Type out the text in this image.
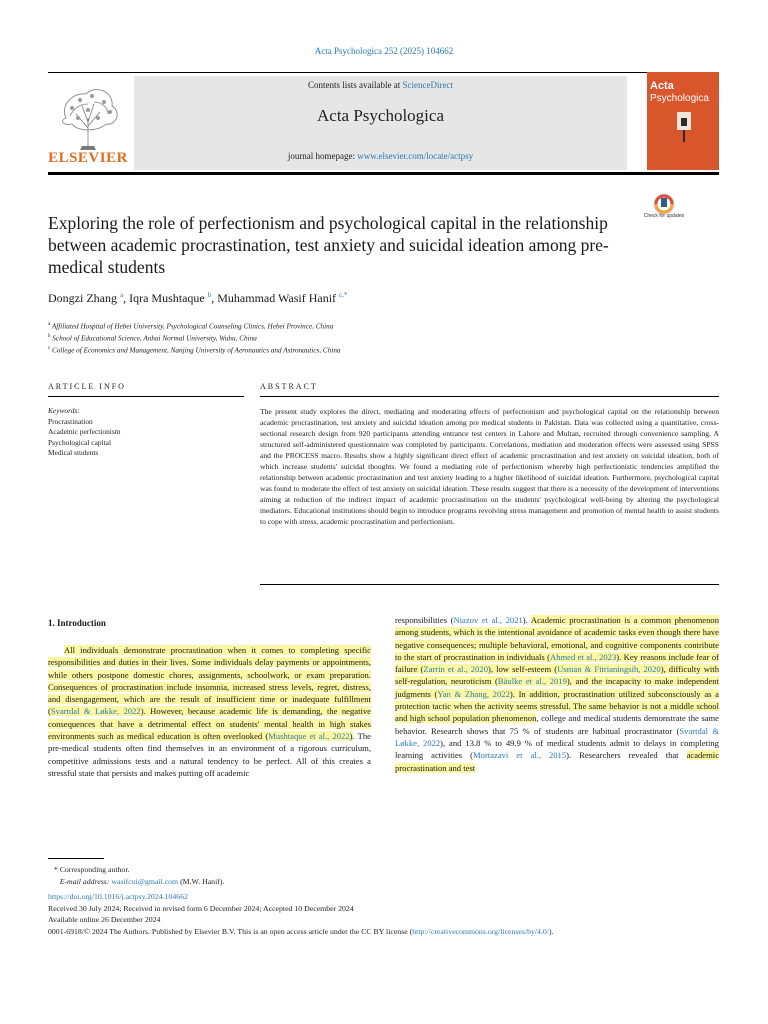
Acta Psychologica 252 (2025) 104662
ELSEVIER
Contents lists available at ScienceDirect
Acta Psychologica
journal homepage: www.elsevier.com/locate/actpsy
Acta
Psychologica
Check for updates
Exploring the role of perfectionism and psychological capital in the relationship between academic procrastination, test anxiety and suicidal ideation among pre-medical students
Dongzi Zhang $^a$, Iqra Mushtaque $^b$, Muhammad Wasif Hanif $^{c,*}$
$^a$ Affiliated Hospital of Hebei University, Psychological Counseling Clinics, Hebei Province, China
$^b$ School of Educational Science, Anhui Normal University, Wuhu, China
$^c$ College of Economics and Management, Nanjing University of Aeronautics and Astronautics, China
ARTICLE INFO	ABSTRACT
Keywords:
Procrastination
Academic perfectionism
Psychological capital
Medical students
The present study explores the direct, mediating and moderating effects of perfectionism and psychological capital on the relationship between academic procrastination, test anxiety and suicidal ideation among pre medical students in Pakistan. Data was collected using a quantitative, cross-sectional research design from 920 participants attending entrance test centers in Lahore and Multan, recruited through convenience sampling. A structured self-administered questionnaire was completed by participants. Correlations, mediation and moderation effects were assessed using SPSS and the PROCESS macro. Results show a highly significant direct effect of academic procrastination and test anxiety on suicidal ideation, both of which increase students' suicidal thoughts. We found a mediating role of perfectionism whereby high perfectionistic tendencies amplified the relationship between academic procrastination and test anxiety leading to a higher likelihood of suicidal ideation. Furthermore, psychological capital was found to moderate the effect of test anxiety on suicidal ideation. These results suggest that there is a necessity of the development of interventions aiming at reduction of the indirect impact of academic procrastination on the students' psychological well-being by altering the psychological mediators. Educational institutions should begin to introduce programs revolving stress management and promotion of mental health to assist students to cope with stress, academic procrastination and perfectionism.
1. Introduction

All individuals demonstrate procrastination when it comes to completing specific responsibilities and duties in their lives. Some individuals delay payments or appointments, while others postpone domestic chores, assignments, schoolwork, or exam preparation. Consequences of procrastination include insomnia, increased stress levels, regret, distress, and disengagement, which are the result of insufficient time or inadequate fulfillment (Svartdal & Løkke, 2022). However, because academic life is demanding, the negative consequences that have a detrimental effect on students' mental health in high stakes environments such as medical education is often overlooked (Mushtaque et al., 2022). The pre-medical students often find themselves in an environment of a rigorous curriculum, competitive admissions tests and a natural tendency to be perfect. All of this creates a stressful state that persists and makes putting off academic

responsibilities (Niazov et al., 2021). Academic procrastination is a common phenomenon among students, which is the intentional avoidance of academic tasks even though there have negative consequences; multiple behavioral, emotional, and cognitive components contribute to the start of procrastination in individuals (Ahmed et al., 2023). Key reasons include fear of failure (Zarrin et al., 2020), low self-esteem (Usman & Fitrianingsih, 2020), difficulty with self-regulation, neuroticism (Bäulke et al., 2019), and the incapacity to make independent judgments (Yan & Zhang, 2022). In addition, procrastination utilized subconsciously as a protection tactic when the activity seems stressful. The same behavior is not a middle school and high school population phenomenon, college and medical students demonstrate the same behavior. Research shows that 75 % of students are habitual procrastinator (Svartdal & Løkke, 2022), and 13.8 % to 49.9 % of medical students admit to delays in completing learning activities (Mortazavi et al., 2015). Researchers revealed that academic procrastination and test

* Corresponding author.
E-mail address: wasifcui@gmail.com (M.W. Hanif).
https://doi.org/10.1016/j.actpsy.2024.104662
Received 30 July 2024; Received in revised form 6 December 2024; Accepted 10 December 2024
Available online 26 December 2024
0001-6918/© 2024 The Authors. Published by Elsevier B.V. This is an open access article under the CC BY license (http://creativecommons.org/licenses/by/4.0/).
